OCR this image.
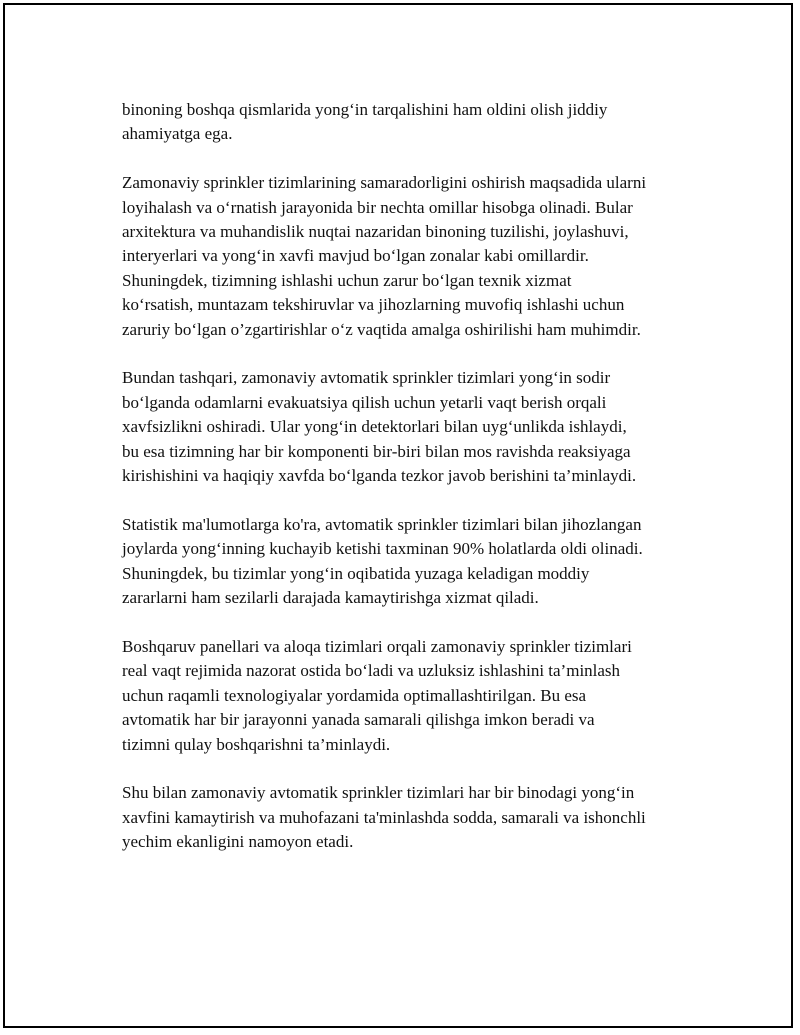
binoning boshqa qismlarida yong‘in tarqalishini ham oldini olish jiddiy
ahamiyatga ega.

Zamonaviy sprinkler tizimlarining samaradorligini oshirish maqsadida ularni
loyihalash va o‘rnatish jarayonida bir nechta omillar hisobga olinadi. Bular
arxitektura va muhandislik nuqtai nazaridan binoning tuzilishi, joylashuvi,
interyerlari va yong‘in xavfi mavjud bo‘lgan zonalar kabi omillardir.
Shuningdek, tizimning ishlashi uchun zarur bo‘lgan texnik xizmat
ko‘rsatish, muntazam tekshiruvlar va jihozlarning muvofiq ishlashi uchun
zaruriy bo‘lgan o’zgartirishlar o‘z vaqtida amalga oshirilishi ham muhimdir.

Bundan tashqari, zamonaviy avtomatik sprinkler tizimlari yong‘in sodir
bo‘lganda odamlarni evakuatsiya qilish uchun yetarli vaqt berish orqali
xavfsizlikni oshiradi. Ular yong‘in detektorlari bilan uyg‘unlikda ishlaydi,
bu esa tizimning har bir komponenti bir-biri bilan mos ravishda reaksiyaga
kirishishini va haqiqiy xavfda bo‘lganda tezkor javob berishini ta’minlaydi.

Statistik ma'lumotlarga ko'ra, avtomatik sprinkler tizimlari bilan jihozlangan
joylarda yong‘inning kuchayib ketishi taxminan 90% holatlarda oldi olinadi.
Shuningdek, bu tizimlar yong‘in oqibatida yuzaga keladigan moddiy
zararlarni ham sezilarli darajada kamaytirishga xizmat qiladi.

Boshqaruv panellari va aloqa tizimlari orqali zamonaviy sprinkler tizimlari
real vaqt rejimida nazorat ostida bo‘ladi va uzluksiz ishlashini ta’minlash
uchun raqamli texnologiyalar yordamida optimallashtirilgan. Bu esa
avtomatik har bir jarayonni yanada samarali qilishga imkon beradi va
tizimni qulay boshqarishni ta’minlaydi.

Shu bilan zamonaviy avtomatik sprinkler tizimlari har bir binodagi yong‘in
xavfini kamaytirish va muhofazani ta'minlashda sodda, samarali va ishonchli
yechim ekanligini namoyon etadi.
